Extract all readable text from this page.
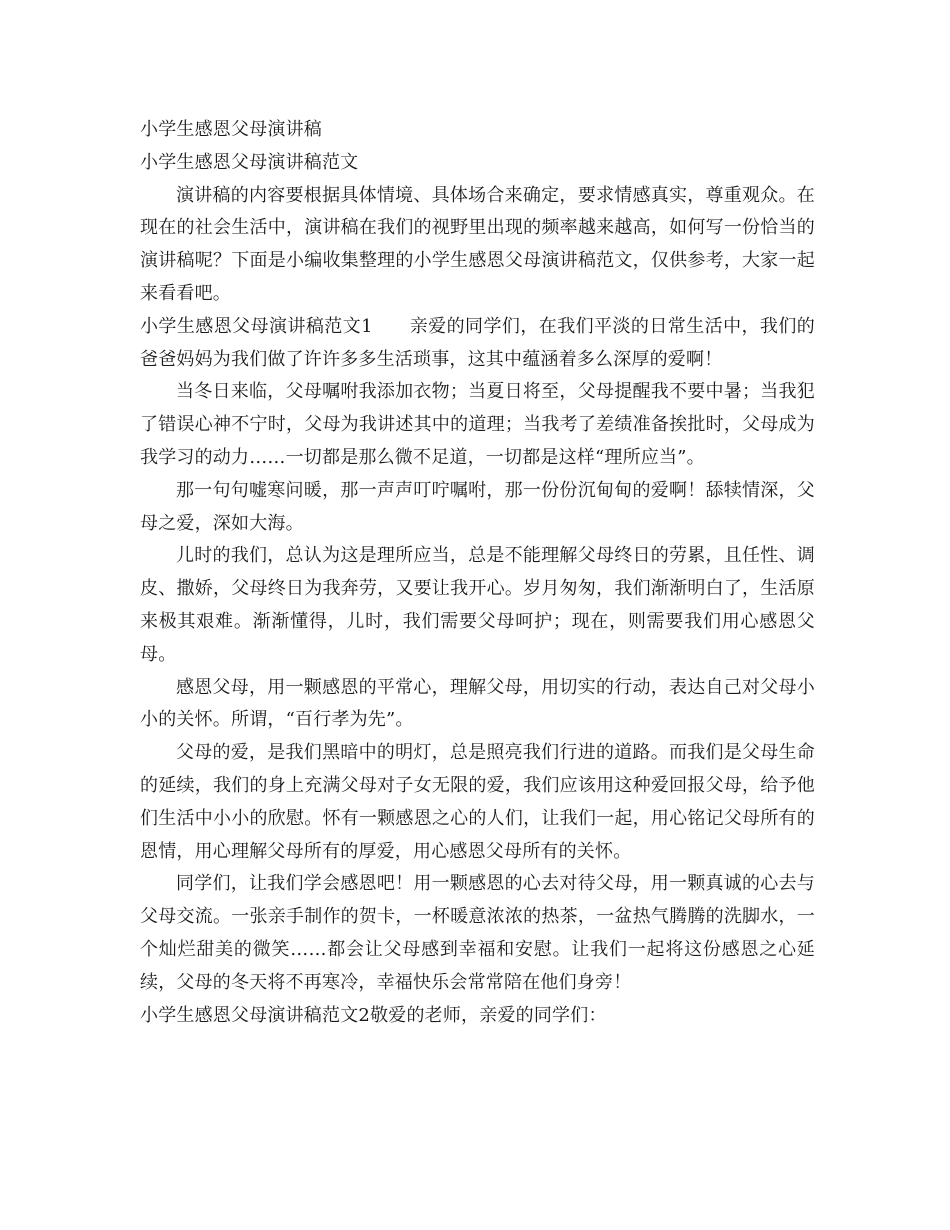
小学生感恩父母演讲稿

小学生感恩父母演讲稿范文

演讲稿的内容要根据具体情境、具体场合来确定，要求情感真实，尊重观众。在现在的社会生活中，演讲稿在我们的视野里出现的频率越来越高，如何写一份恰当的演讲稿呢？下面是小编收集整理的小学生感恩父母演讲稿范文，仅供参考，大家一起来看看吧。

小学生感恩父母演讲稿范文1 亲爱的同学们，在我们平淡的日常生活中，我们的爸爸妈妈为我们做了许许多多生活琐事，这其中蕴涵着多么深厚的爱啊！

当冬日来临，父母嘱咐我添加衣物；当夏日将至，父母提醒我不要中暑；当我犯了错误心神不宁时，父母为我讲述其中的道理；当我考了差绩准备挨批时，父母成为我学习的动力……一切都是那么微不足道，一切都是这样“理所应当”。

那一句句嘘寒问暖，那一声声叮咛嘱咐，那一份份沉甸甸的爱啊！舔犊情深，父母之爱，深如大海。

儿时的我们，总认为这是理所应当，总是不能理解父母终日的劳累，且任性、调皮、撒娇，父母终日为我奔劳，又要让我开心。岁月匆匆，我们渐渐明白了，生活原来极其艰难。渐渐懂得，儿时，我们需要父母呵护；现在，则需要我们用心感恩父母。

感恩父母，用一颗感恩的平常心，理解父母，用切实的行动，表达自己对父母小小的关怀。所谓，“百行孝为先”。

父母的爱，是我们黑暗中的明灯，总是照亮我们行进的道路。而我们是父母生命的延续，我们的身上充满父母对子女无限的爱，我们应该用这种爱回报父母，给予他们生活中小小的欣慰。怀有一颗感恩之心的人们，让我们一起，用心铭记父母所有的恩情，用心理解父母所有的厚爱，用心感恩父母所有的关怀。

同学们，让我们学会感恩吧！用一颗感恩的心去对待父母，用一颗真诚的心去与父母交流。一张亲手制作的贺卡，一杯暖意浓浓的热茶，一盆热气腾腾的洗脚水，一个灿烂甜美的微笑……都会让父母感到幸福和安慰。让我们一起将这份感恩之心延续，父母的冬天将不再寒冷，幸福快乐会常常陪在他们身旁！

小学生感恩父母演讲稿范文2敬爱的老师，亲爱的同学们：
